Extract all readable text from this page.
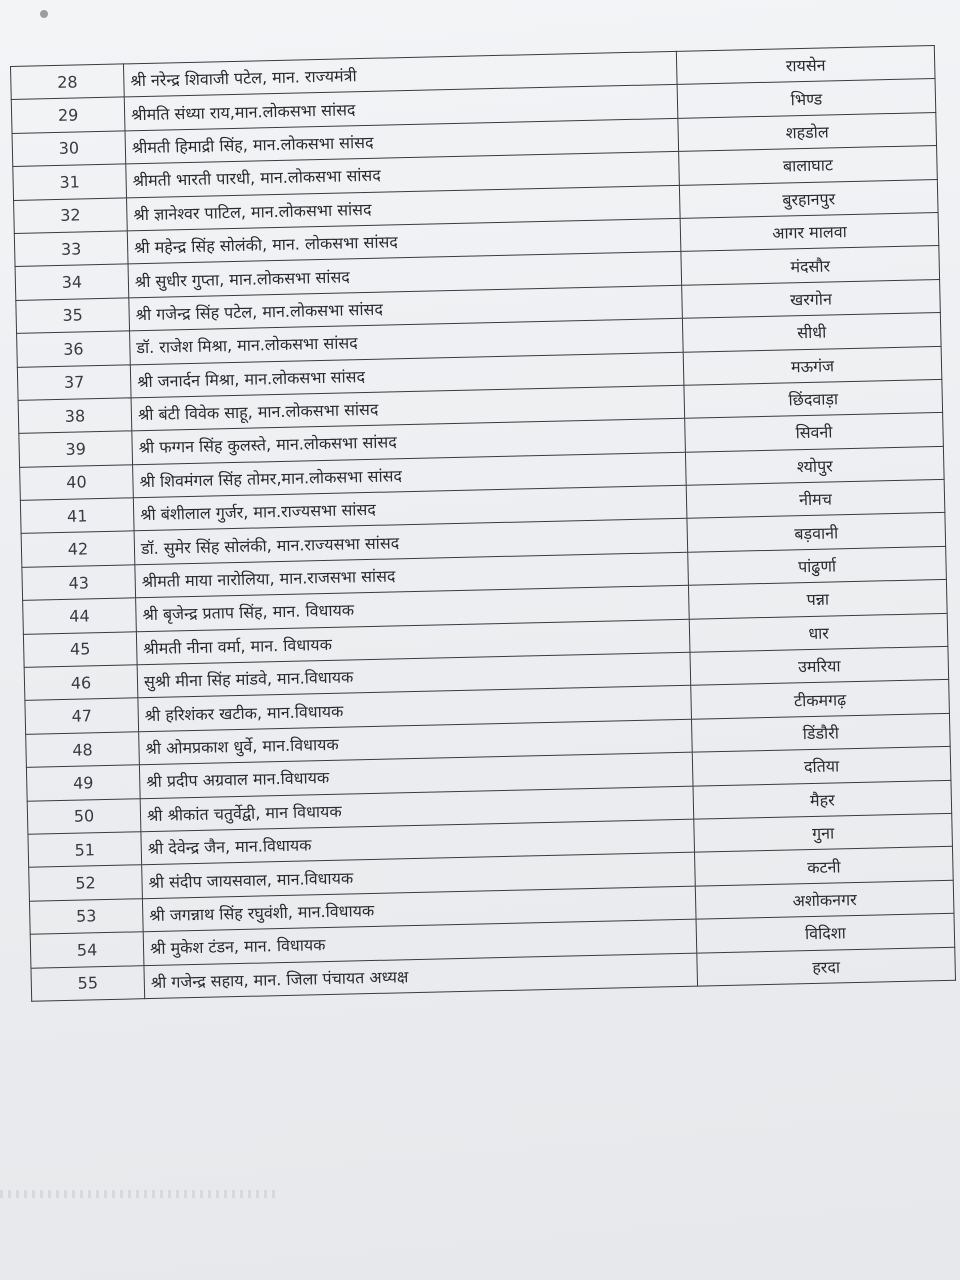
28	श्री नरेन्द्र शिवाजी पटेल, मान. राज्यमंत्री	रायसेन
29	श्रीमति संध्या राय,मान.लोकसभा सांसद	भिण्ड
30	श्रीमती हिमाद्री सिंह, मान.लोकसभा सांसद	शहडोल
31	श्रीमती भारती पारधी, मान.लोकसभा सांसद	बालाघाट
32	श्री ज्ञानेश्वर पाटिल, मान.लोकसभा सांसद	बुरहानपुर
33	श्री महेन्द्र सिंह सोलंकी, मान. लोकसभा सांसद	आगर मालवा
34	श्री सुधीर गुप्ता, मान.लोकसभा सांसद	मंदसौर
35	श्री गजेन्द्र सिंह पटेल, मान.लोकसभा सांसद	खरगोन
36	डॉ. राजेश मिश्रा, मान.लोकसभा सांसद	सीधी
37	श्री जनार्दन मिश्रा, मान.लोकसभा सांसद	मऊगंज
38	श्री बंटी विवेक साहू, मान.लोकसभा सांसद	छिंदवाड़ा
39	श्री फग्गन सिंह कुलस्ते, मान.लोकसभा सांसद	सिवनी
40	श्री शिवमंगल सिंह तोमर,मान.लोकसभा सांसद	श्योपुर
41	श्री बंशीलाल गुर्जर, मान.राज्यसभा सांसद	नीमच
42	डॉ. सुमेर सिंह सोलंकी, मान.राज्यसभा सांसद	बड़वानी
43	श्रीमती माया नारोलिया, मान.राजसभा सांसद	पांढुर्णा
44	श्री बृजेन्द्र प्रताप सिंह, मान. विधायक	पन्ना
45	श्रीमती नीना वर्मा, मान. विधायक	धार
46	सुश्री मीना सिंह मांडवे, मान.विधायक	उमरिया
47	श्री हरिशंकर खटीक, मान.विधायक	टीकमगढ़
48	श्री ओमप्रकाश धुर्वे, मान.विधायक	डिंडौरी
49	श्री प्रदीप अग्रवाल मान.विधायक	दतिया
50	श्री श्रीकांत चतुर्वेद्वी, मान विधायक	मैहर
51	श्री देवेन्द्र जैन, मान.विधायक	गुना
52	श्री संदीप जायसवाल, मान.विधायक	कटनी
53	श्री जगन्नाथ सिंह रघुवंशी, मान.विधायक	अशोकनगर
54	श्री मुकेश टंडन, मान. विधायक	विदिशा
55	श्री गजेन्द्र सहाय, मान. जिला पंचायत अध्यक्ष	हरदा
